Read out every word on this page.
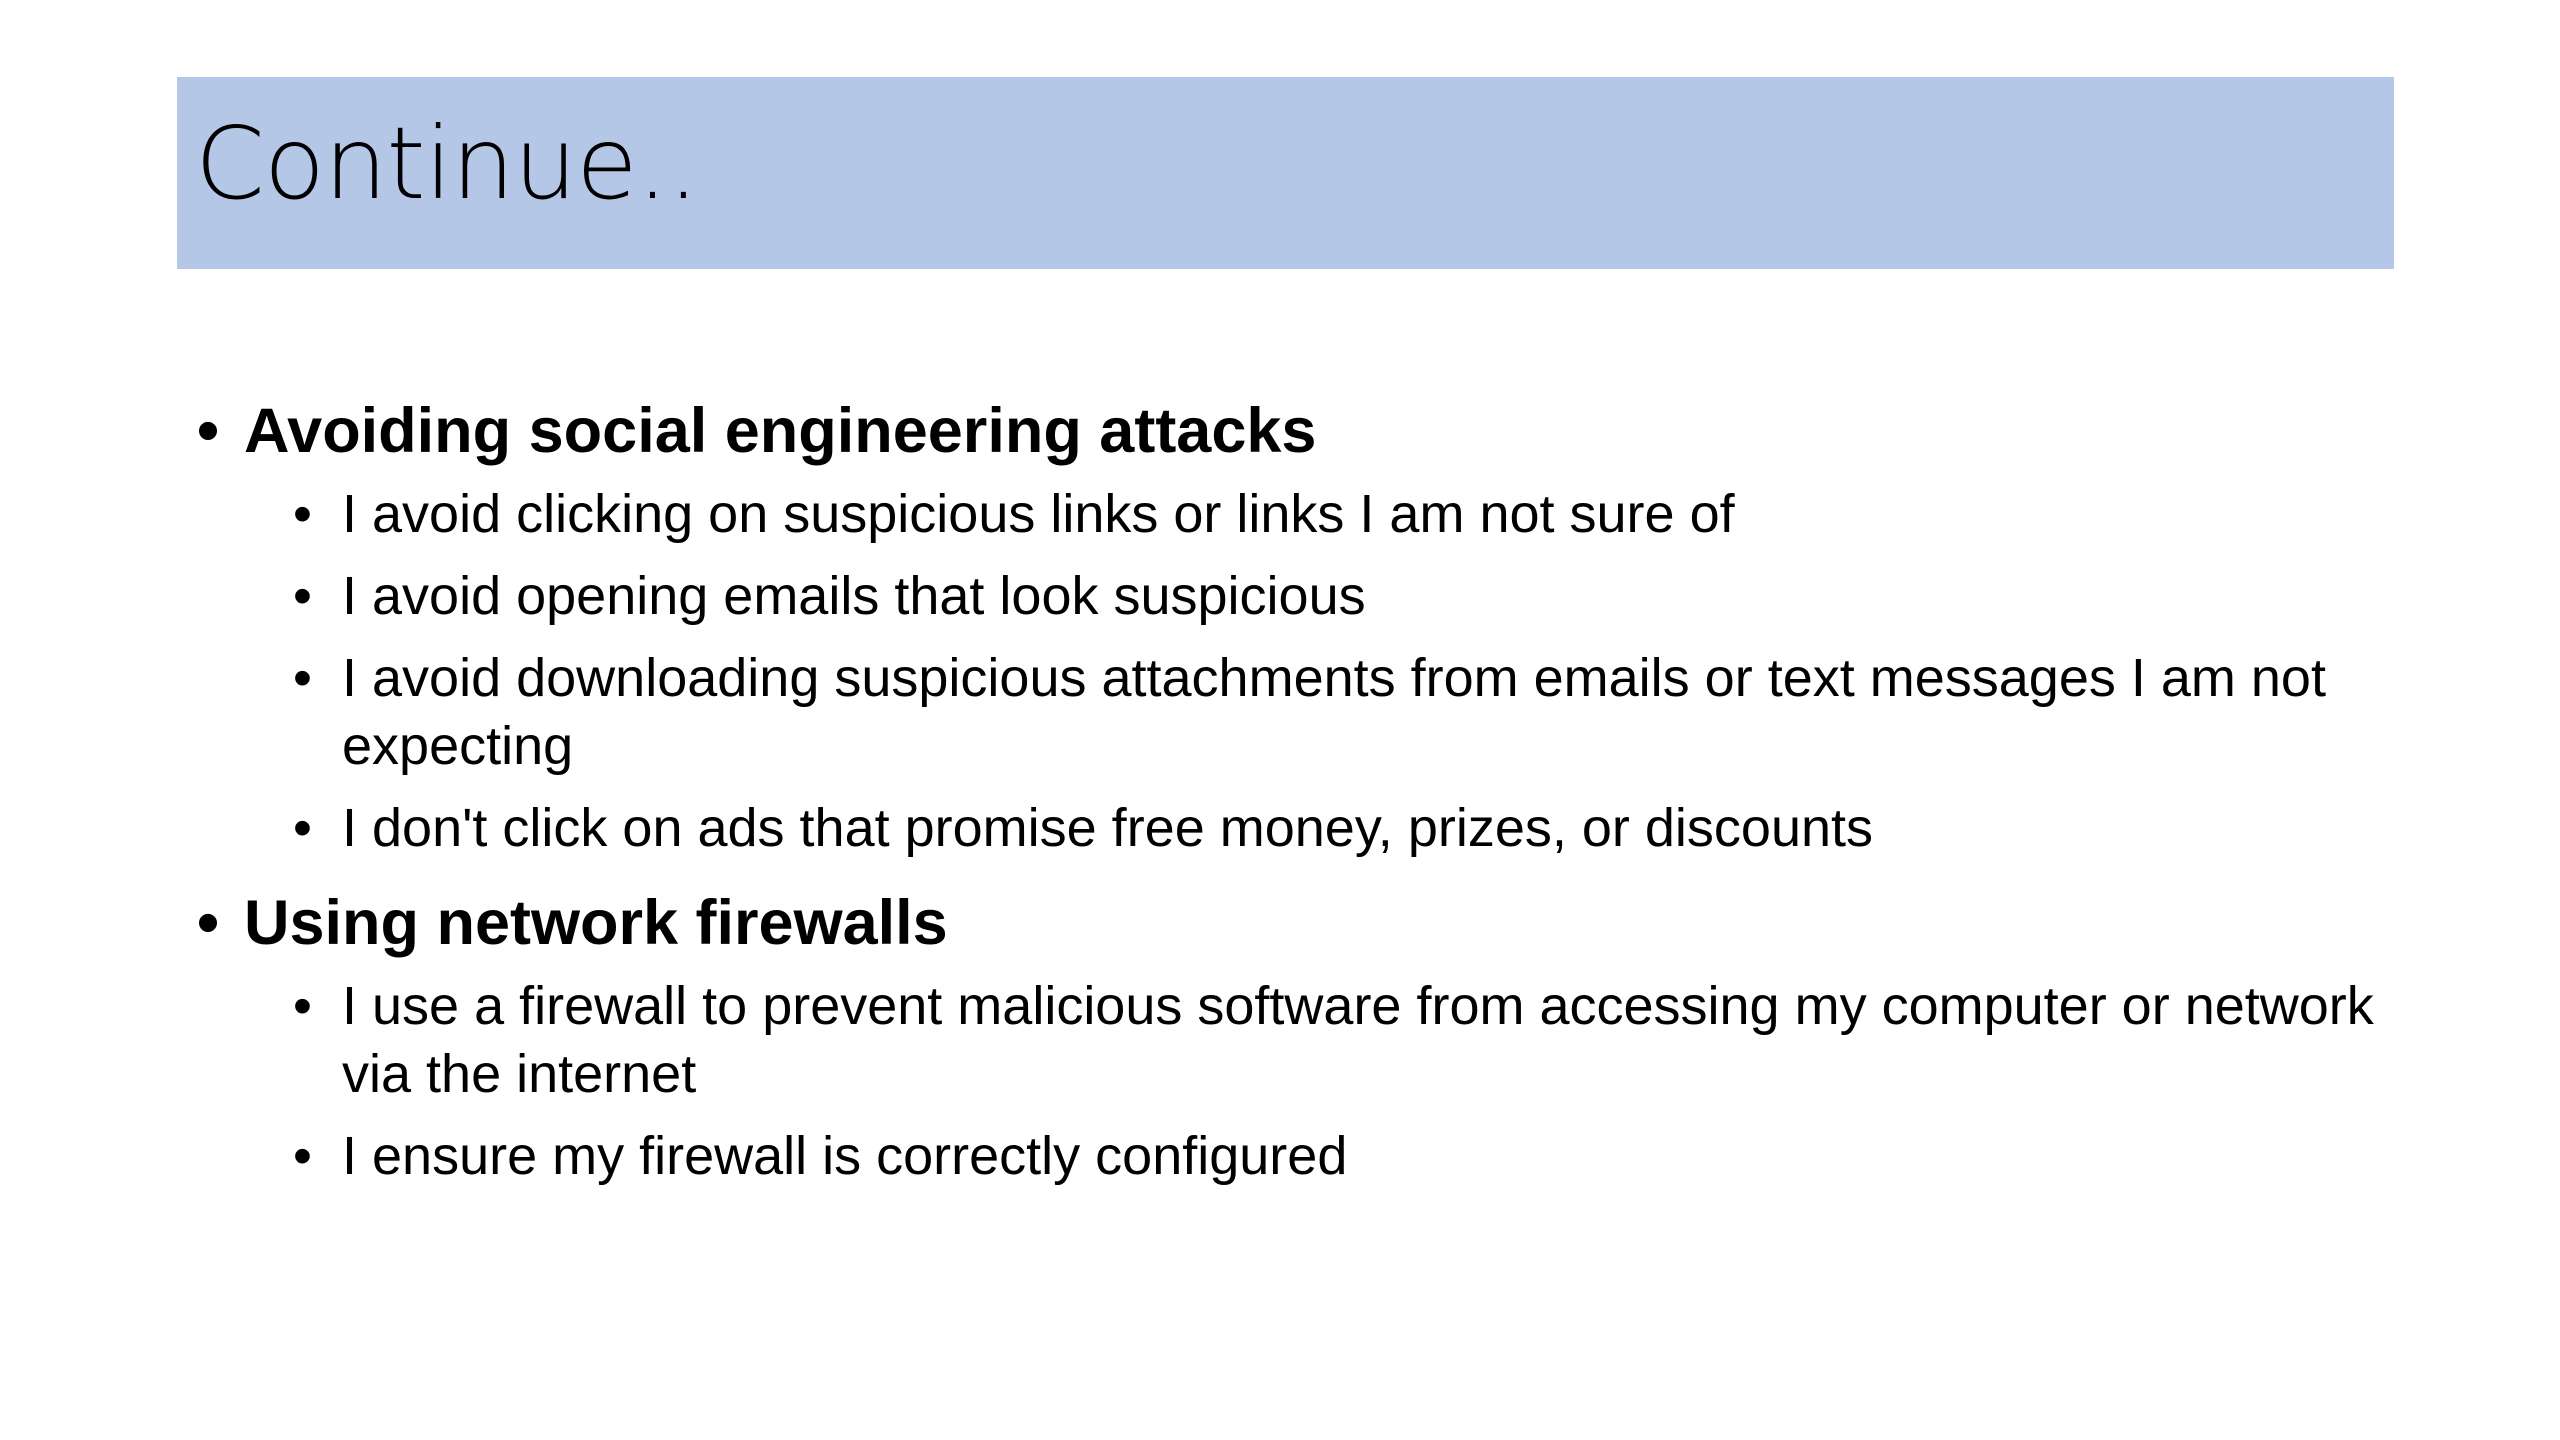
Continue..

• Avoiding social engineering attacks

• I avoid clicking on suspicious links or links I am not sure of

• I avoid opening emails that look suspicious

• I avoid downloading suspicious attachments from emails or text messages I am not expecting

• I don't click on ads that promise free money, prizes, or discounts

• Using network firewalls

• I use a firewall to prevent malicious software from accessing my computer or network via the internet

• I ensure my firewall is correctly configured
